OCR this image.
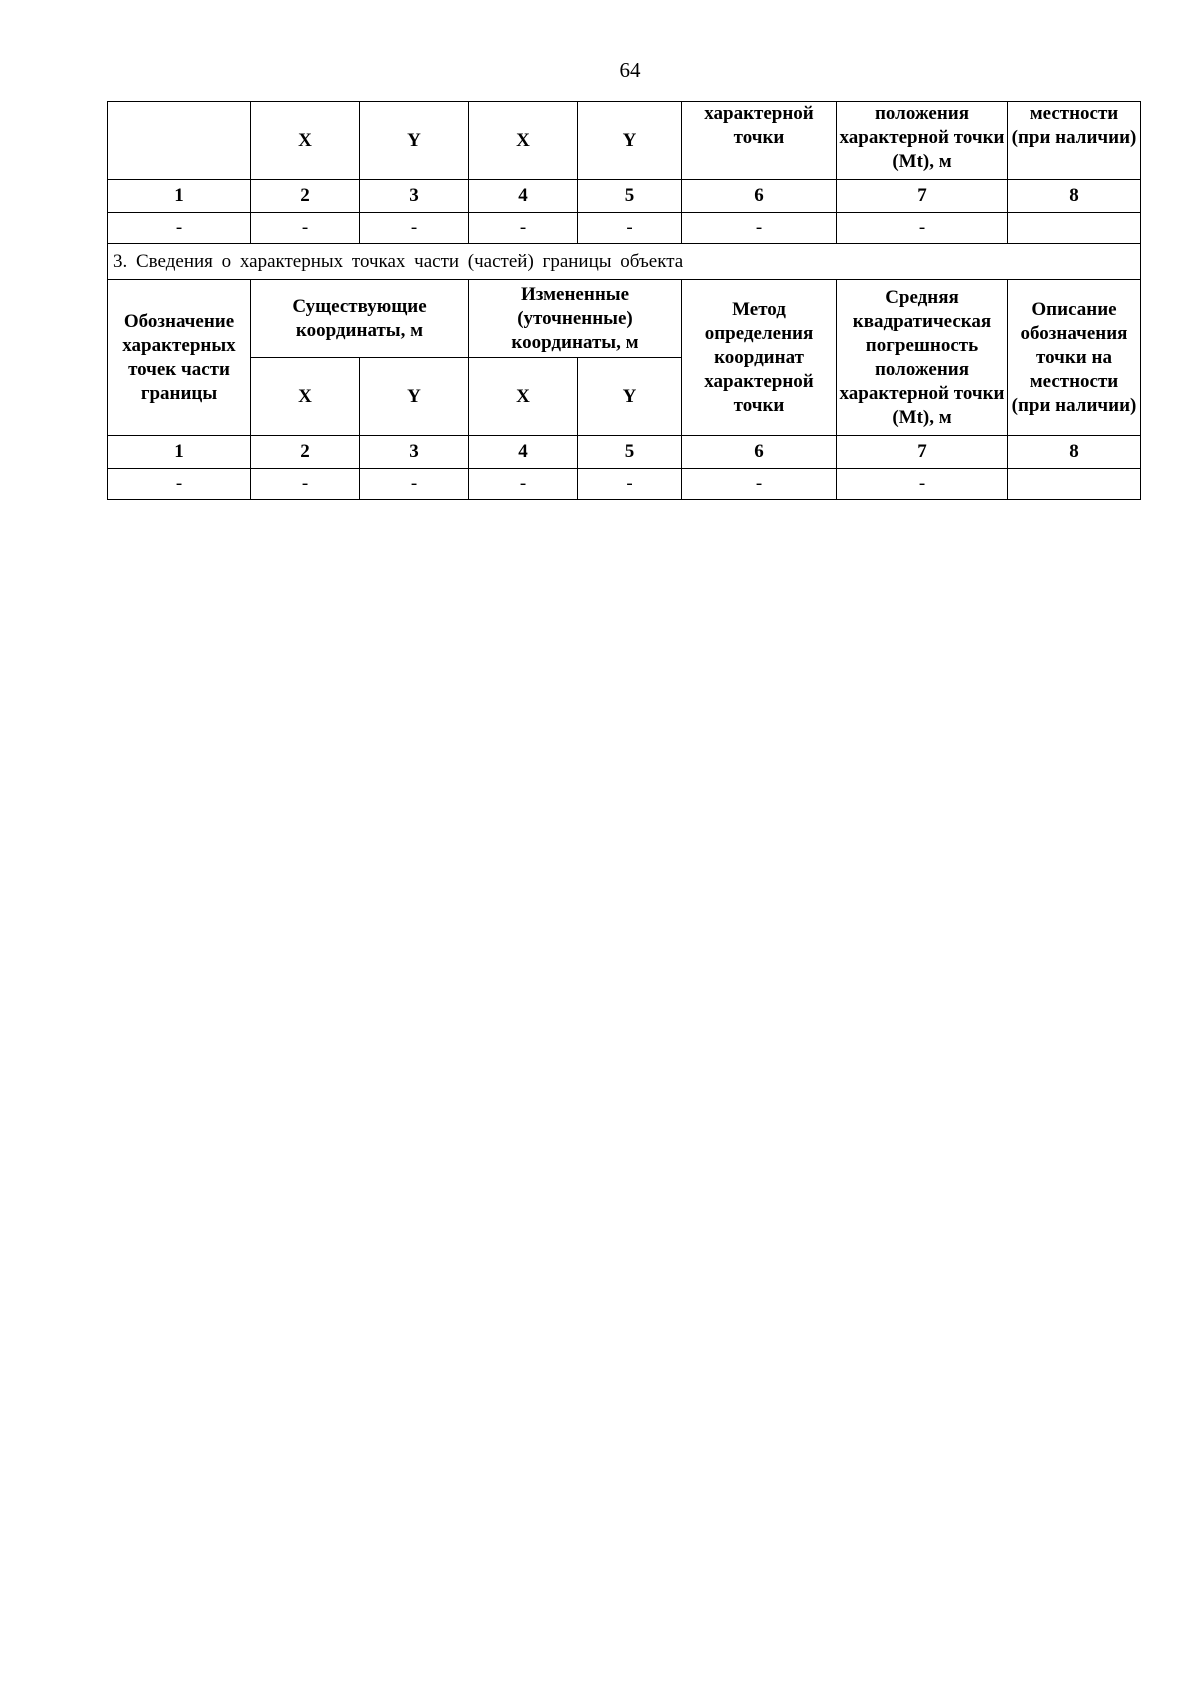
64
	X	Y	X	Y	характерной точки	положения характерной точки (Mt), м	местности (при наличии)
1	2	3	4	5	6	7	8
-	-	-	-	-	-	-	
3. Сведения о характерных точках части (частей) границы объекта							
Обозначение характерных точек части границы	Существующие координаты, м		Измененные (уточненные) координаты, м		Метод определения координат характерной точки	Средняя квадратическая погрешность положения характерной точки (Mt), м	Описание обозначения точки на местности (при наличии)
	X	Y	X	Y			
1	2	3	4	5	6	7	8
-	-	-	-	-	-	-	
